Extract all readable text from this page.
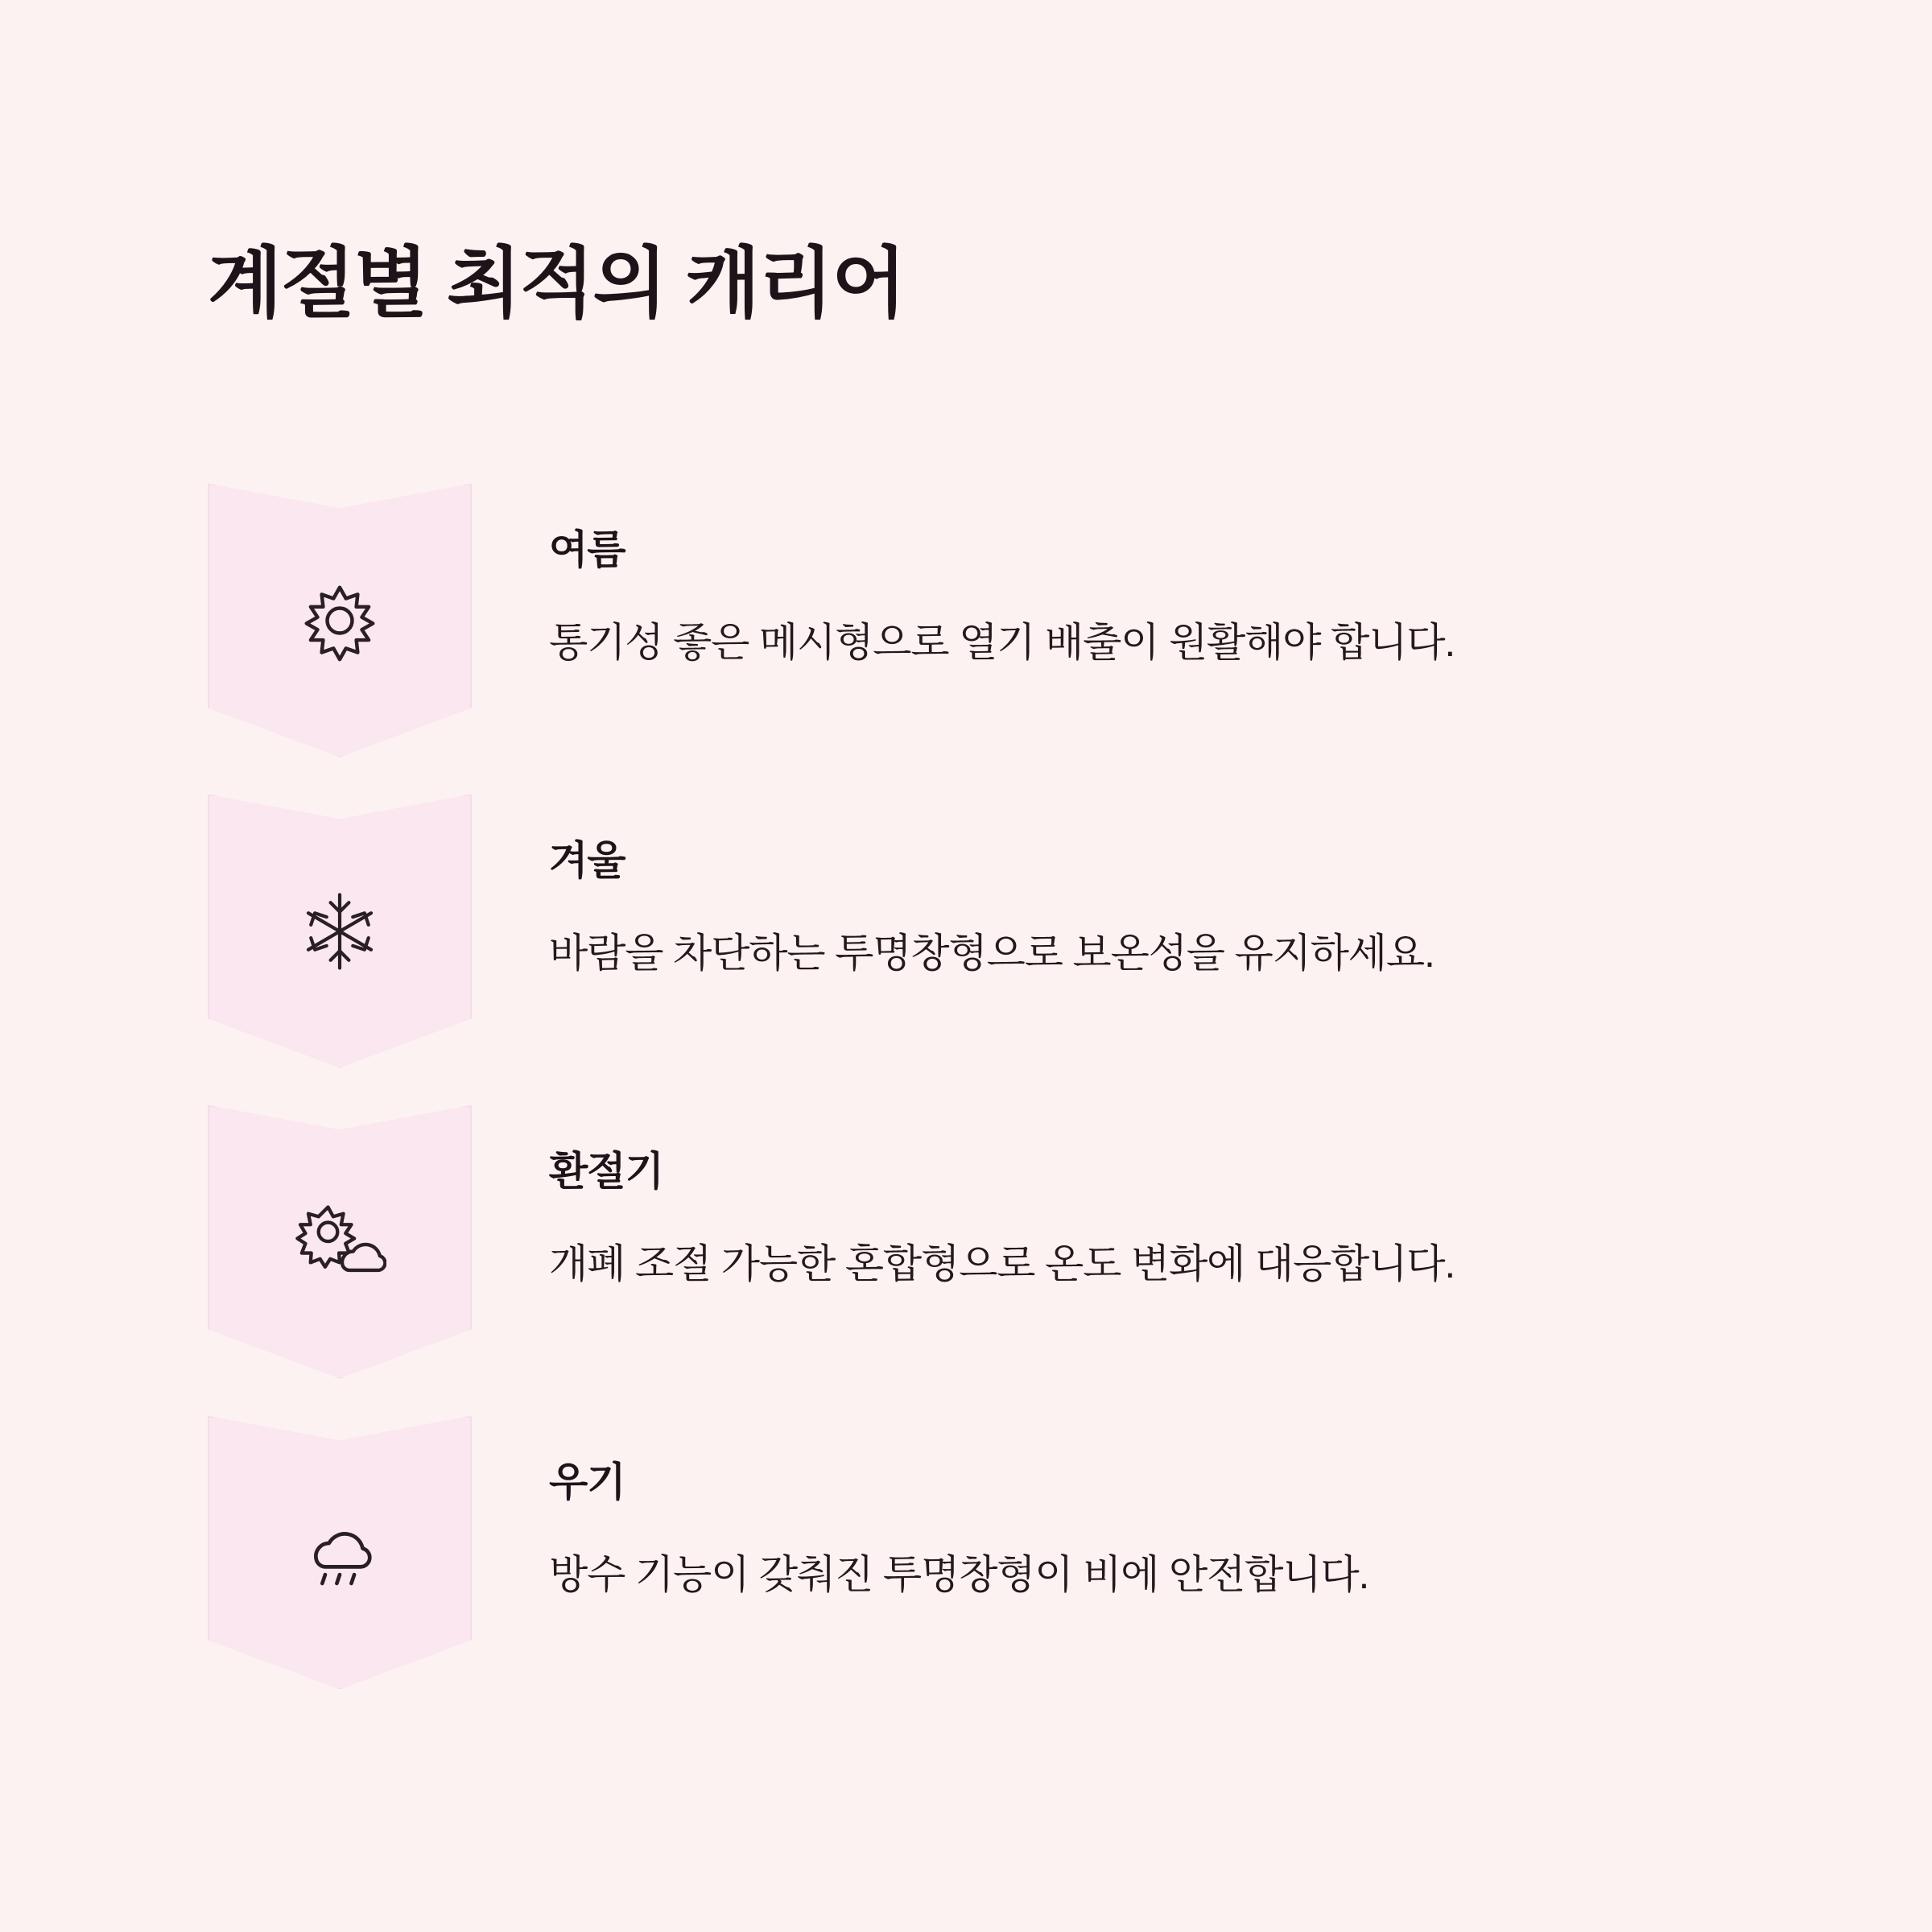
계절별 최적의 캐리어
여름
통기성 좋은 메시형으로 열기 배출이 원활해야 합니다.
겨울
바람을 차단하는 투명창형으로 보온성을 유지하세요.
환절기
개폐 조절 가능한 혼합형으로 온도 변화에 대응합니다.
우기
방수 기능이 갖춰진 투명창형이 비에 안전합니다.
